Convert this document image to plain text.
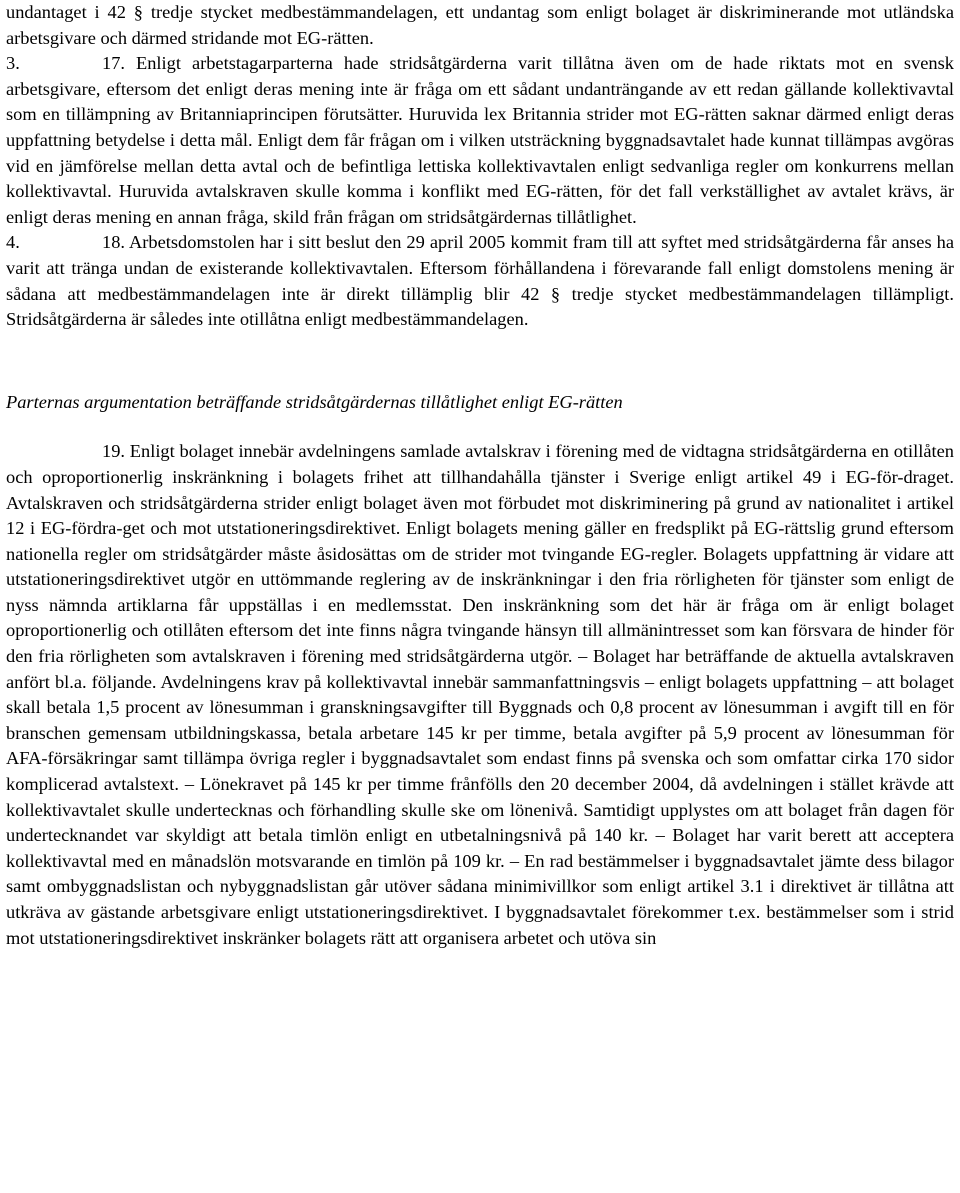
undantaget i 42 § tredje stycket medbestämmandelagen, ett undantag som enligt bolaget är diskriminerande mot utländska arbetsgivare och därmed stridande mot EG-rätten.

3.	17. Enligt arbetstagarparterna hade stridsåtgärderna varit tillåtna även om de hade riktats mot en svensk arbetsgivare, eftersom det enligt deras mening inte är fråga om ett sådant undanträngande av ett redan gällande kollektivavtal som en tillämpning av Britanniaprincipen förutsätter. Huruvida lex Britannia strider mot EG-rätten saknar därmed enligt deras uppfattning betydelse i detta mål. Enligt dem får frågan om i vilken utsträckning byggnadsavtalet hade kunnat tillämpas avgöras vid en jämförelse mellan detta avtal och de befintliga lettiska kollektivavtalen enligt sedvanliga regler om konkurrens mellan kollektivavtal. Huruvida avtalskraven skulle komma i konflikt med EG-rätten, för det fall verkställighet av avtalet krävs, är enligt deras mening en annan fråga, skild från frågan om stridsåtgärdernas tillåtlighet.

4.	18. Arbetsdomstolen har i sitt beslut den 29 april 2005 kommit fram till att syftet med stridsåtgärderna får anses ha varit att tränga undan de existerande kollektivavtalen. Eftersom förhållandena i förevarande fall enligt domstolens mening är sådana att medbestämmandelagen inte är direkt tillämplig blir 42 § tredje stycket medbestämmandelagen tillämpligt. Stridsåtgärderna är således inte otillåtna enligt medbestämmandelagen.

Parternas argumentation beträffande stridsåtgärdernas tillåtlighet enligt EG-rätten

19. Enligt bolaget innebär avdelningens samlade avtalskrav i förening med de vidtagna stridsåtgärderna en otillåten och oproportionerlig inskränkning i bolagets frihet att tillhandahålla tjänster i Sverige enligt artikel 49 i EG-för-draget. Avtalskraven och stridsåtgärderna strider enligt bolaget även mot förbudet mot diskriminering på grund av nationalitet i artikel 12 i EG-fördra-get och mot utstationeringsdirektivet. Enligt bolagets mening gäller en fredsplikt på EG-rättslig grund eftersom nationella regler om stridsåtgärder måste åsidosättas om de strider mot tvingande EG-regler. Bolagets uppfattning är vidare att utstationeringsdirektivet utgör en uttömmande reglering av de inskränkningar i den fria rörligheten för tjänster som enligt de nyss nämnda artiklarna får uppställas i en medlemsstat. Den inskränkning som det här är fråga om är enligt bolaget oproportionerlig och otillåten eftersom det inte finns några tvingande hänsyn till allmänintresset som kan försvara de hinder för den fria rörligheten som avtalskraven i förening med stridsåtgärderna utgör. – Bolaget har beträffande de aktuella avtalskraven anfört bl.a. följande. Avdelningens krav på kollektivavtal innebär sammanfattningsvis – enligt bolagets uppfattning – att bolaget skall betala 1,5 procent av lönesumman i granskningsavgifter till Byggnads och 0,8 procent av lönesumman i avgift till en för branschen gemensam utbildningskassa, betala arbetare 145 kr per timme, betala avgifter på 5,9 procent av lönesumman för AFA-försäkringar samt tillämpa övriga regler i byggnadsavtalet som endast finns på svenska och som omfattar cirka 170 sidor komplicerad avtalstext. – Lönekravet på 145 kr per timme frånfölls den 20 december 2004, då avdelningen i stället krävde att kollektivavtalet skulle undertecknas och förhandling skulle ske om lönenivå. Samtidigt upplystes om att bolaget från dagen för undertecknandet var skyldigt att betala timlön enligt en utbetalningsnivå på 140 kr. – Bolaget har varit berett att acceptera kollektivavtal med en månadslön motsvarande en timlön på 109 kr. – En rad bestämmelser i byggnadsavtalet jämte dess bilagor samt ombyggnadslistan och nybyggnadslistan går utöver sådana minimivillkor som enligt artikel 3.1 i direktivet är tillåtna att utkräva av gästande arbetsgivare enligt utstationeringsdirektivet. I byggnadsavtalet förekommer t.ex. bestämmelser som i strid mot utstationeringsdirektivet inskränker bolagets rätt att organisera arbetet och utöva sin
